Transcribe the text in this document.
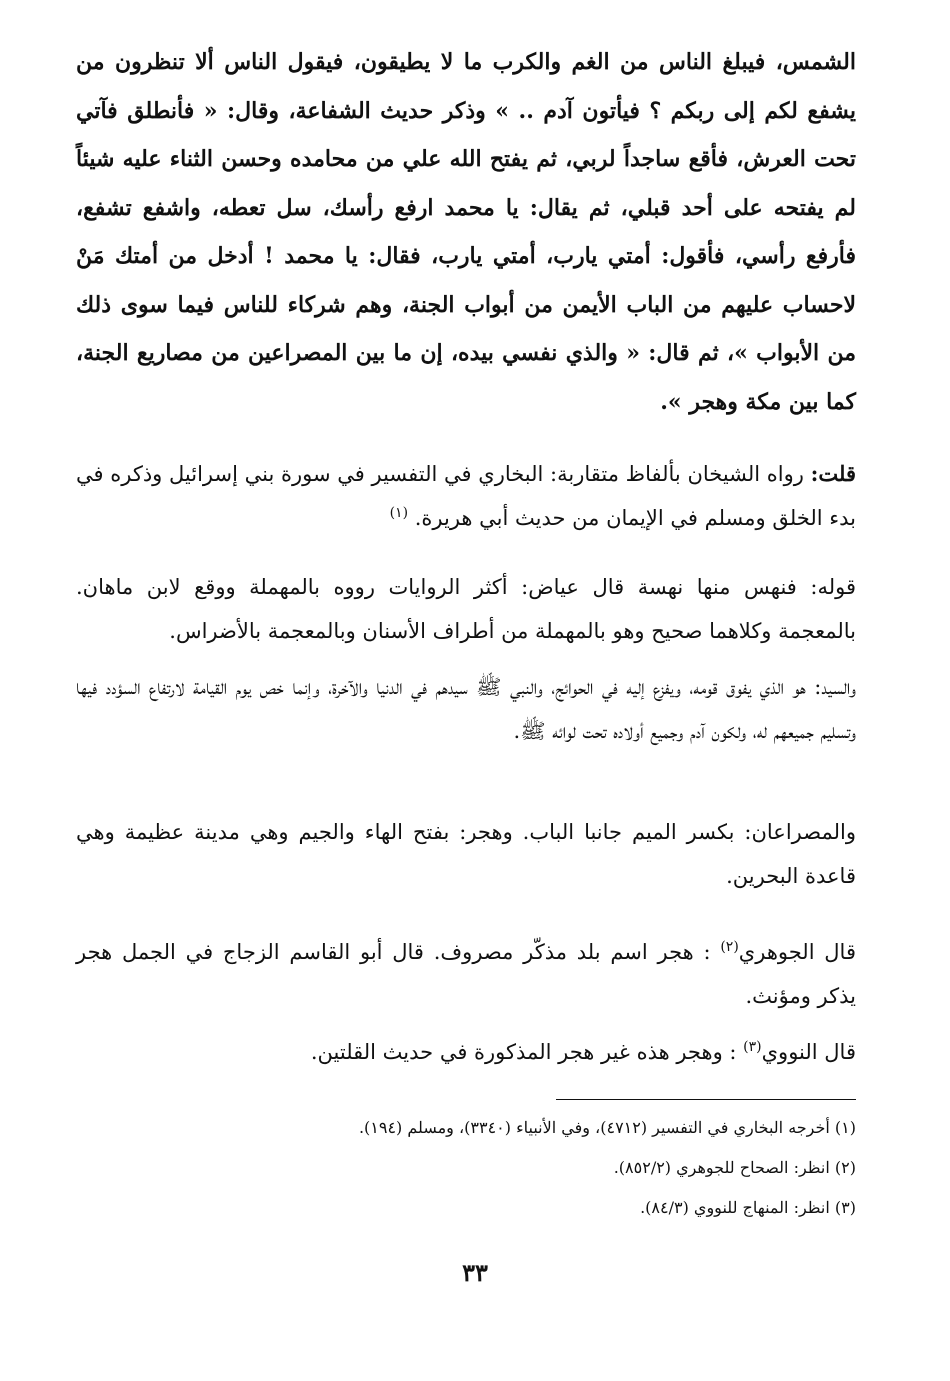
الشمس، فيبلغ الناس من الغم والكرب ما لا يطيقون، فيقول الناس ألا تنظرون من يشفع لكم إلى ربكم ؟ فيأتون آدم .. » وذكر حديث الشفاعة، وقال: « فأنطلق فآتي تحت العرش، فأقع ساجداً لربي، ثم يفتح الله علي من محامده وحسن الثناء عليه شيئاً لم يفتحه على أحد قبلي، ثم يقال: يا محمد ارفع رأسك، سل تعطه، واشفع تشفع، فأرفع رأسي، فأقول: أمتي يارب، أمتي يارب، فقال: يا محمد ! أدخل من أمتك مَنْ لاحساب عليهم من الباب الأيمن من أبواب الجنة، وهم شركاء للناس فيما سوى ذلك من الأبواب »، ثم قال: « والذي نفسي بيده، إن ما بين المصراعين من مصاريع الجنة، كما بين مكة وهجر ».
قلت: رواه الشيخان بألفاظ متقاربة: البخاري في التفسير في سورة بني إسرائيل وذكره في بدء الخلق ومسلم في الإيمان من حديث أبي هريرة. $^{(١)}$
قوله: فنهس منها نهسة قال عياض: أكثر الروايات رووه بالمهملة ووقع لابن ماهان. بالمعجمة وكلاهما صحيح وهو بالمهملة من أطراف الأسنان وبالمعجمة بالأضراس.
والسيد: هو الذي يفوق قومه، ويفزع إليه في الحوائج، والنبي ﷺ سيدهم في الدنيا والآخرة، وإنما خص يوم القيامة لارتفاع السؤدد فيها وتسليم جميعهم له، ولكون آدم وجميع أولاده تحت لوائه ﷺ.
والمصراعان: بكسر الميم جانبا الباب. وهجر: بفتح الهاء والجيم وهي مدينة عظيمة وهي قاعدة البحرين.
قال الجوهري$^{(٢)}$ : هجر اسم بلد مذكّر مصروف. قال أبو القاسم الزجاج في الجمل هجر يذكر ومؤنث.
قال النووي$^{(٣)}$ : وهجر هذه غير هجر المذكورة في حديث القلتين.
(١) أخرجه البخاري في التفسير (٤٧١٢)، وفي الأنبياء (٣٣٤٠)، ومسلم (١٩٤).
(٢) انظر: الصحاح للجوهري (٨٥٢/٢).
(٣) انظر: المنهاج للنووي (٨٤/٣).
٣٣
